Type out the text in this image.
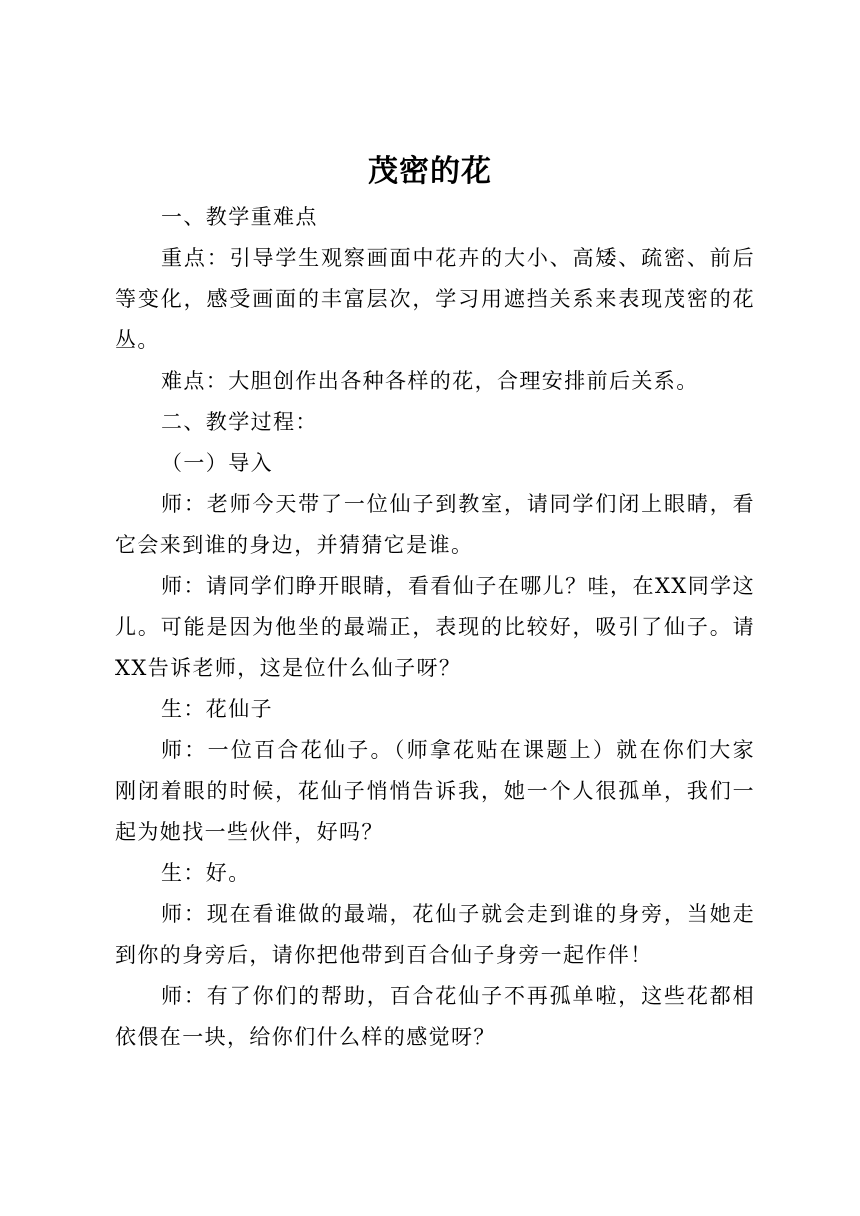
茂密的花

一、教学重难点

重点：引导学生观察画面中花卉的大小、高矮、疏密、前后等变化，感受画面的丰富层次，学习用遮挡关系来表现茂密的花丛。

难点：大胆创作出各种各样的花，合理安排前后关系。

二、教学过程：

（一）导入

师：老师今天带了一位仙子到教室，请同学们闭上眼睛，看它会来到谁的身边，并猜猜它是谁。

师：请同学们睁开眼睛，看看仙子在哪儿？哇，在XX同学这儿。可能是因为他坐的最端正，表现的比较好，吸引了仙子。请XX告诉老师，这是位什么仙子呀？

生：花仙子

师：一位百合花仙子。（师拿花贴在课题上）就在你们大家刚闭着眼的时候，花仙子悄悄告诉我，她一个人很孤单，我们一起为她找一些伙伴，好吗？

生：好。

师：现在看谁做的最端，花仙子就会走到谁的身旁，当她走到你的身旁后，请你把他带到百合仙子身旁一起作伴！

师：有了你们的帮助，百合花仙子不再孤单啦，这些花都相依偎在一块，给你们什么样的感觉呀？
